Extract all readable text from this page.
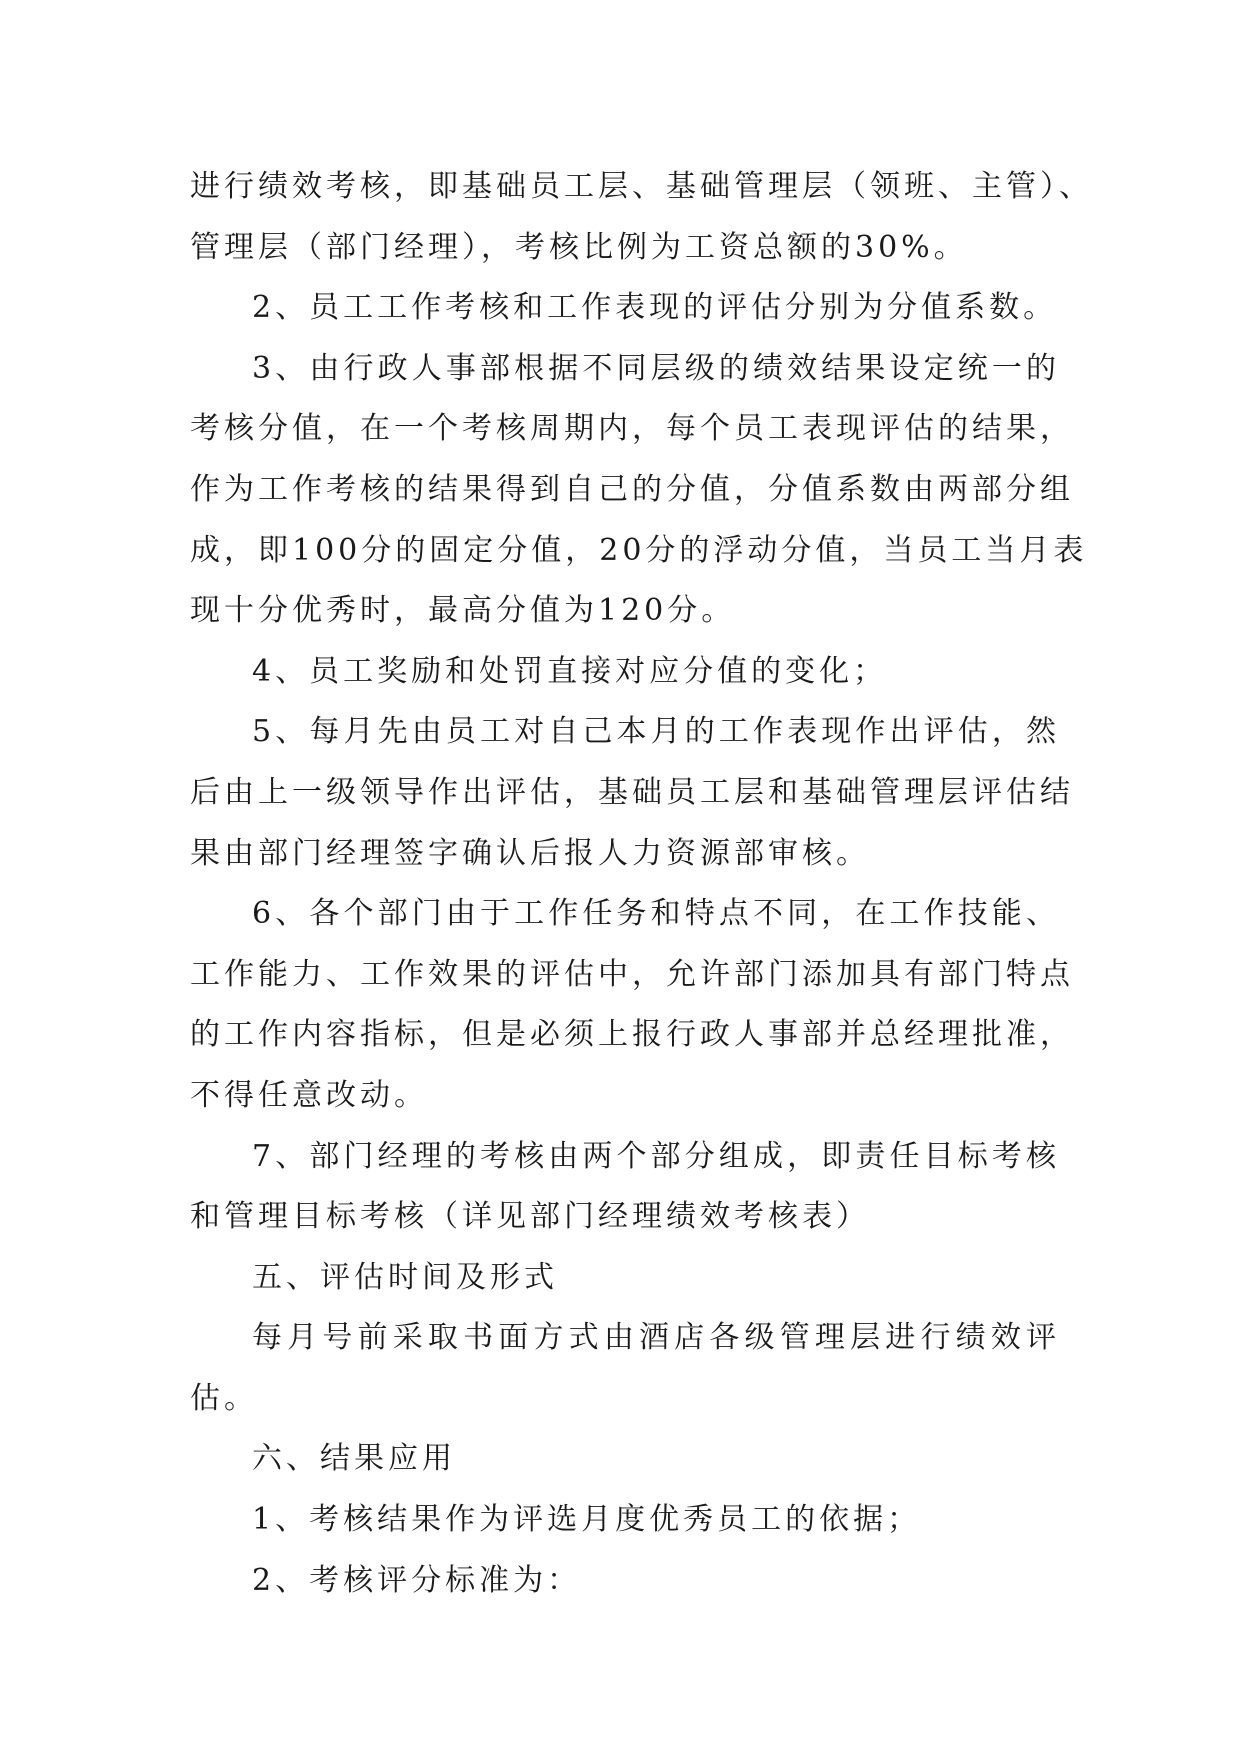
进行绩效考核，即基础员工层、基础管理层（领班、主管）、
管理层（部门经理），考核比例为工资总额的30%。
2、员工工作考核和工作表现的评估分别为分值系数。
3、由行政人事部根据不同层级的绩效结果设定统一的
考核分值，在一个考核周期内，每个员工表现评估的结果，
作为工作考核的结果得到自己的分值，分值系数由两部分组
成，即100分的固定分值，20分的浮动分值，当员工当月表
现十分优秀时，最高分值为120分。
4、员工奖励和处罚直接对应分值的变化；
5、每月先由员工对自己本月的工作表现作出评估，然
后由上一级领导作出评估，基础员工层和基础管理层评估结
果由部门经理签字确认后报人力资源部审核。
6、各个部门由于工作任务和特点不同，在工作技能、
工作能力、工作效果的评估中，允许部门添加具有部门特点
的工作内容指标，但是必须上报行政人事部并总经理批准，
不得任意改动。
7、部门经理的考核由两个部分组成，即责任目标考核
和管理目标考核（详见部门经理绩效考核表）
五、评估时间及形式
每月号前采取书面方式由酒店各级管理层进行绩效评
估。
六、结果应用
1、考核结果作为评选月度优秀员工的依据；
2、考核评分标准为：
